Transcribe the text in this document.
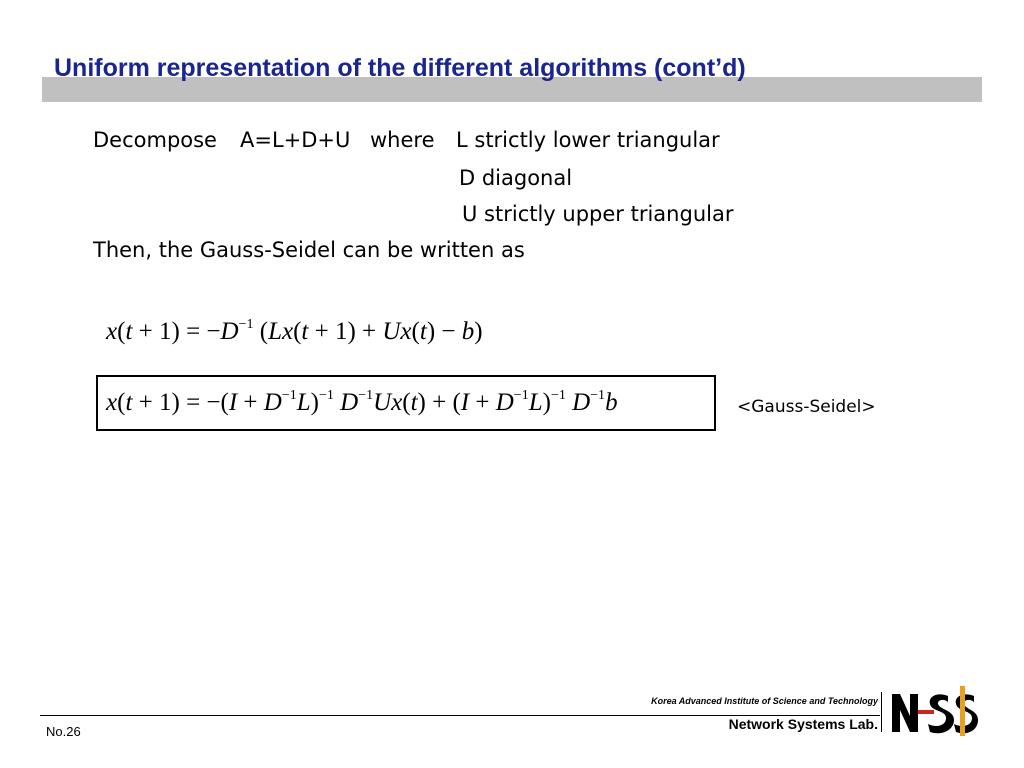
Uniform representation of the different algorithms (cont’d)
Decompose A=L+D+U where L strictly lower triangular
D diagonal
U strictly upper triangular
Then, the Gauss-Seidel can be written as
$x(t + 1) = -D^{-1}$ (Lx(t + 1) + Ux(t) − b)
$x(t + 1) = -(I + D^{-1}L)^{-1}$ $D^{-1}Ux(t) + (I + D^{-1}L)^{-1}$ $D^{-1}b$	<Gauss-Seidel>
No.26
Korea Advanced Institute of Science and Technology
Network Systems Lab.
